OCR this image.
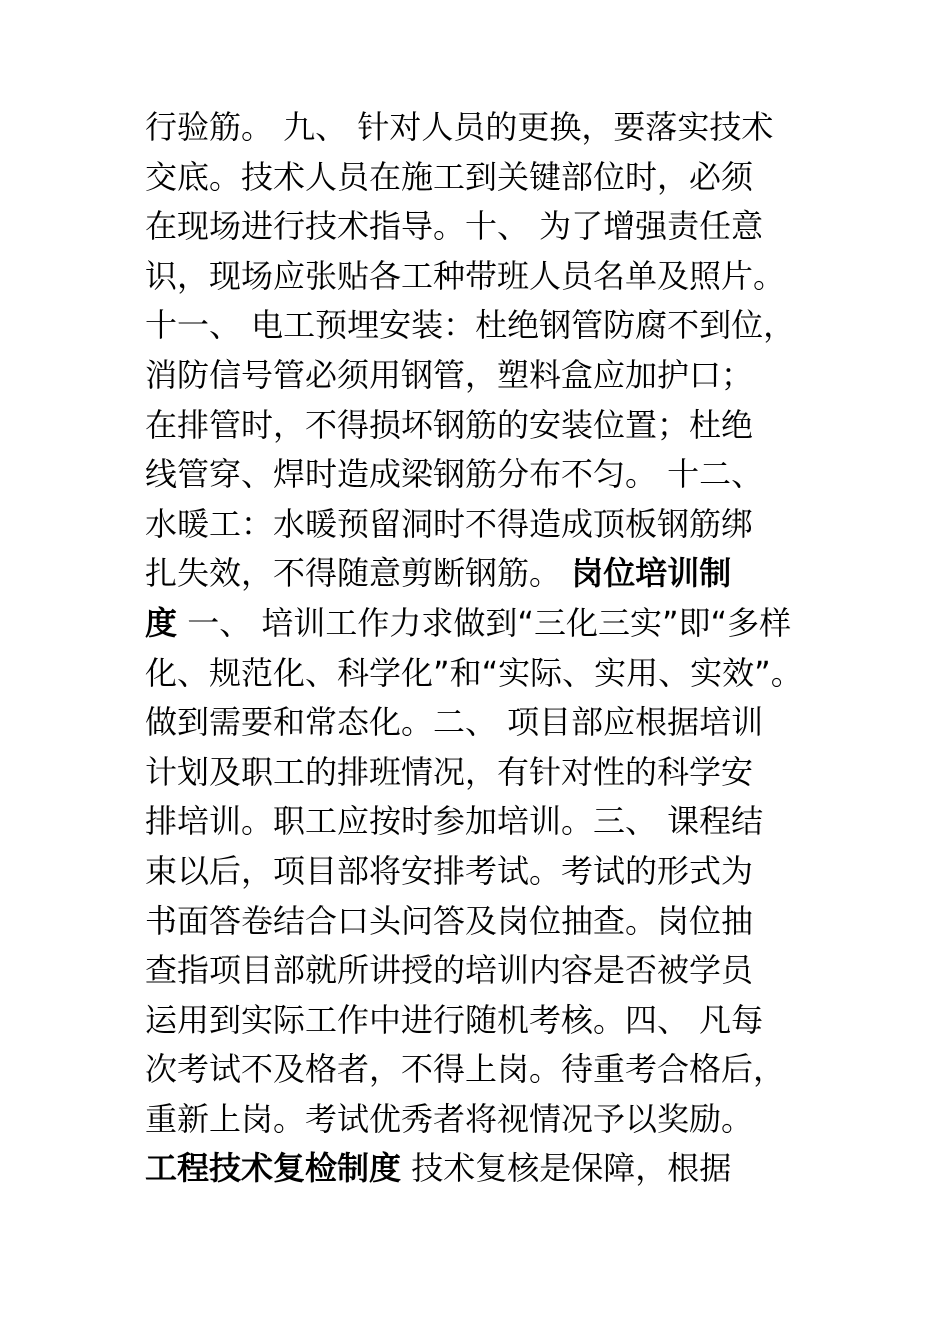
行验筋。 九、 针对人员的更换，要落实技术
交底。技术人员在施工到关键部位时，必须
在现场进行技术指导。十、 为了增强责任意
识，现场应张贴各工种带班人员名单及照片。
十一、 电工预埋安装：杜绝钢管防腐不到位，
消防信号管必须用钢管，塑料盒应加护口；
在排管时，不得损坏钢筋的安装位置；杜绝
线管穿、焊时造成梁钢筋分布不匀。 十二、
水暖工：水暖预留洞时不得造成顶板钢筋绑
扎失效，不得随意剪断钢筋。 岗位培训制
度 一、 培训工作力求做到“三化三实”即“多样
化、规范化、科学化”和“实际、实用、实效”。
做到需要和常态化。二、 项目部应根据培训
计划及职工的排班情况，有针对性的科学安
排培训。职工应按时参加培训。三、 课程结
束以后，项目部将安排考试。考试的形式为
书面答卷结合口头问答及岗位抽查。岗位抽
查指项目部就所讲授的培训内容是否被学员
运用到实际工作中进行随机考核。四、 凡每
次考试不及格者，不得上岗。待重考合格后，
重新上岗。考试优秀者将视情况予以奖励。
工程技术复检制度 技术复核是保障，根据
